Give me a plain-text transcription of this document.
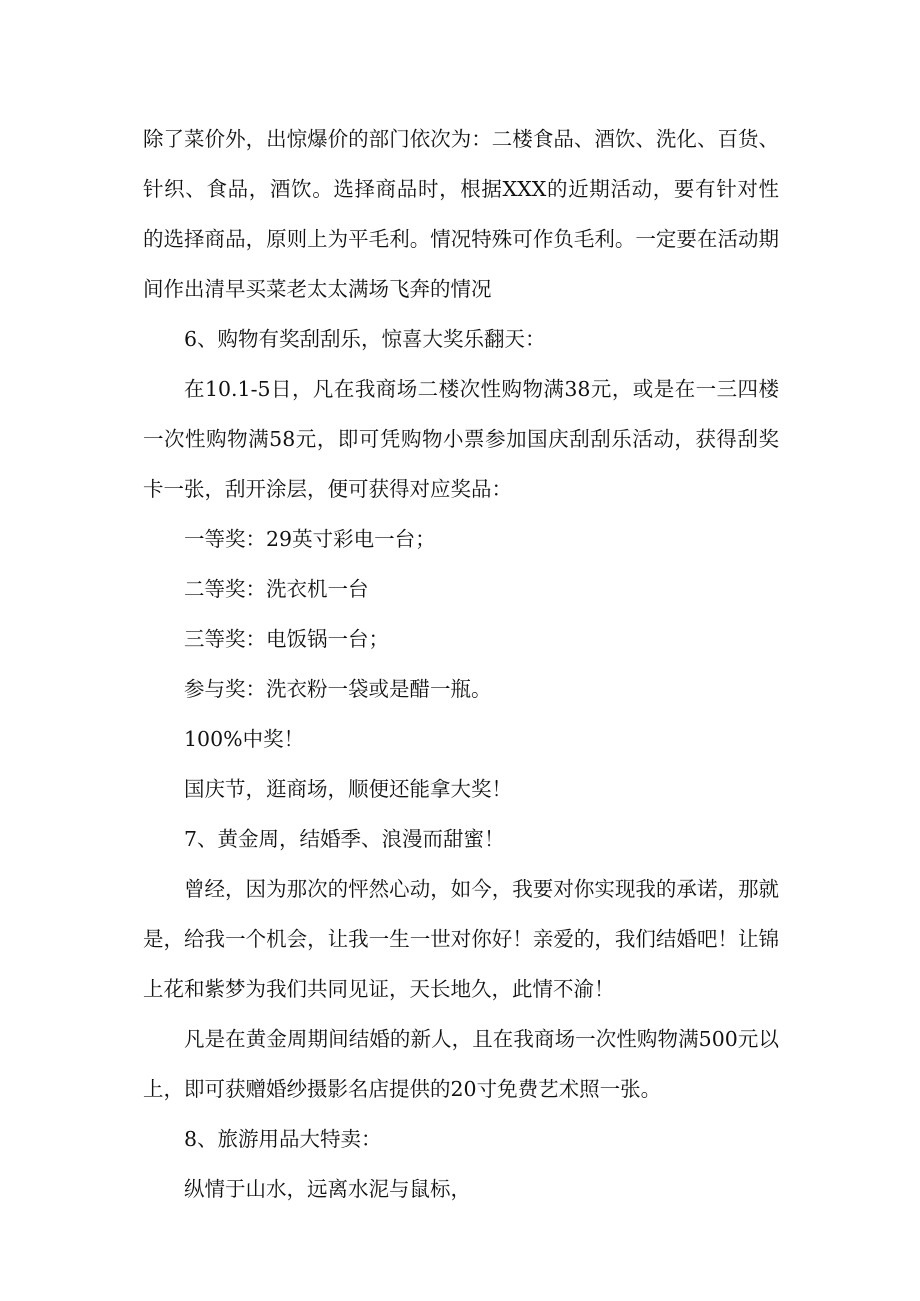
除了菜价外，出惊爆价的部门依次为：二楼食品、酒饮、洗化、百货、针织、食品，酒饮。选择商品时，根据XXX的近期活动，要有针对性的选择商品，原则上为平毛利。情况特殊可作负毛利。一定要在活动期间作出清早买菜老太太满场飞奔的情况

6、购物有奖刮刮乐，惊喜大奖乐翻天：

在10.1-5日，凡在我商场二楼次性购物满38元，或是在一三四楼一次性购物满58元，即可凭购物小票参加国庆刮刮乐活动，获得刮奖卡一张，刮开涂层，便可获得对应奖品：

一等奖：29英寸彩电一台；

二等奖：洗衣机一台

三等奖：电饭锅一台；

参与奖：洗衣粉一袋或是醋一瓶。

100%中奖！

国庆节，逛商场，顺便还能拿大奖！

7、黄金周，结婚季、浪漫而甜蜜！

曾经，因为那次的怦然心动，如今，我要对你实现我的承诺，那就是，给我一个机会，让我一生一世对你好！亲爱的，我们结婚吧！让锦上花和紫梦为我们共同见证，天长地久，此情不渝！

凡是在黄金周期间结婚的新人，且在我商场一次性购物满500元以上，即可获赠婚纱摄影名店提供的20寸免费艺术照一张。

8、旅游用品大特卖：

纵情于山水，远离水泥与鼠标，
